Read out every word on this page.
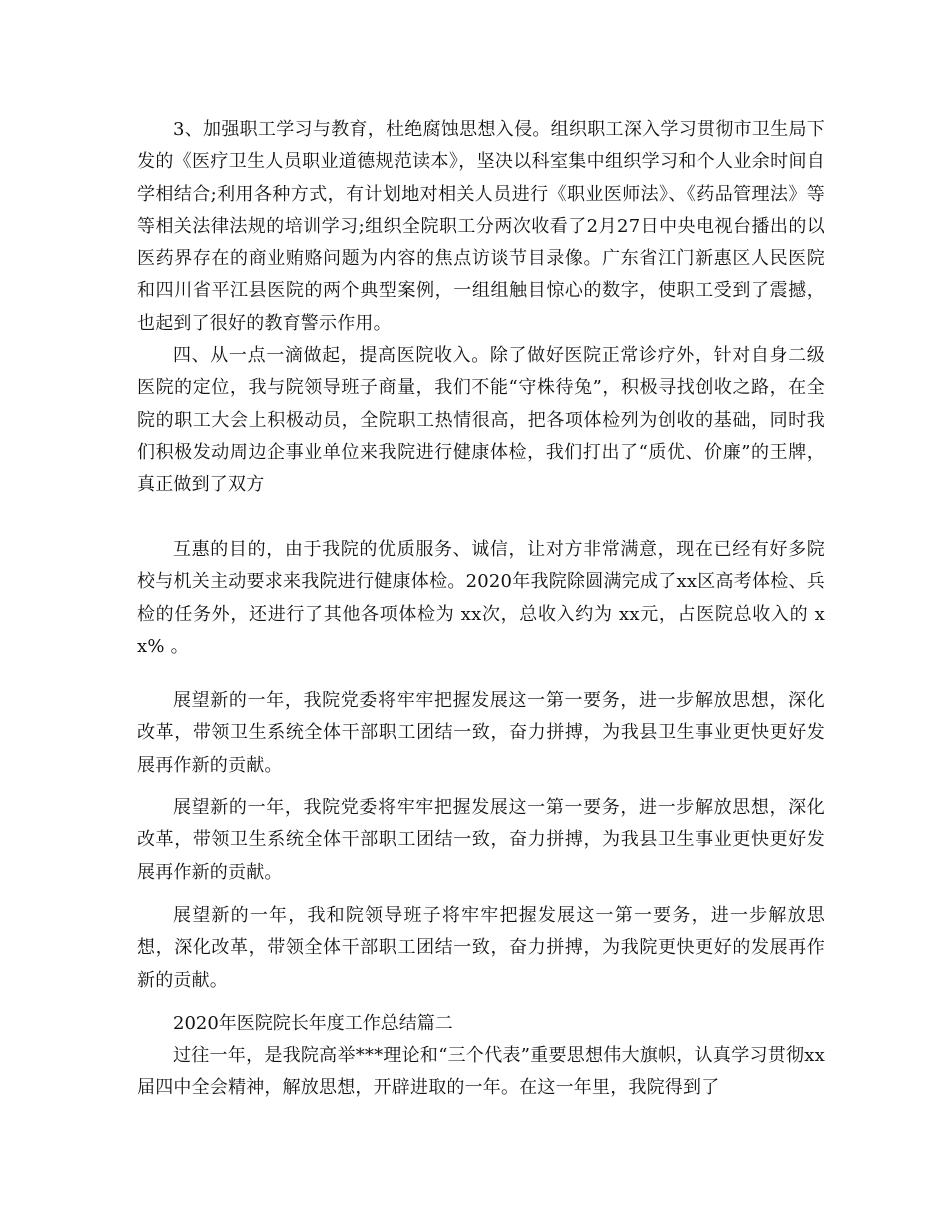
3、加强职工学习与教育，杜绝腐蚀思想入侵。组织职工深入学习贯彻市卫生局下发的《医疗卫生人员职业道德规范读本》，坚决以科室集中组织学习和个人业余时间自学相结合;利用各种方式，有计划地对相关人员进行《职业医师法》、《药品管理法》等等相关法律法规的培训学习;组织全院职工分两次收看了2月27日中央电视台播出的以医药界存在的商业贿赂问题为内容的焦点访谈节目录像。广东省江门新惠区人民医院和四川省平江县医院的两个典型案例，一组组触目惊心的数字，使职工受到了震撼，也起到了很好的教育警示作用。

四、从一点一滴做起，提高医院收入。除了做好医院正常诊疗外，针对自身二级医院的定位，我与院领导班子商量，我们不能“守株待兔”，积极寻找创收之路，在全院的职工大会上积极动员，全院职工热情很高，把各项体检列为创收的基础，同时我们积极发动周边企事业单位来我院进行健康体检，我们打出了“质优、价廉”的王牌，真正做到了双方

互惠的目的，由于我院的优质服务、诚信，让对方非常满意，现在已经有好多院校与机关主动要求来我院进行健康体检。2020年我院除圆满完成了xx区高考体检、兵检的任务外，还进行了其他各项体检为 xx次，总收入约为 xx元，占医院总收入的 xx% 。

展望新的一年，我院党委将牢牢把握发展这一第一要务，进一步解放思想，深化改革，带领卫生系统全体干部职工团结一致，奋力拼搏，为我县卫生事业更快更好发展再作新的贡献。

展望新的一年，我院党委将牢牢把握发展这一第一要务，进一步解放思想，深化改革，带领卫生系统全体干部职工团结一致，奋力拼搏，为我县卫生事业更快更好发展再作新的贡献。

展望新的一年，我和院领导班子将牢牢把握发展这一第一要务，进一步解放思想，深化改革，带领全体干部职工团结一致，奋力拼搏，为我院更快更好的发展再作新的贡献。

2020年医院院长年度工作总结篇二

过往一年，是我院高举***理论和“三个代表”重要思想伟大旗帜，认真学习贯彻xx届四中全会精神，解放思想，开辟进取的一年。在这一年里，我院得到了
